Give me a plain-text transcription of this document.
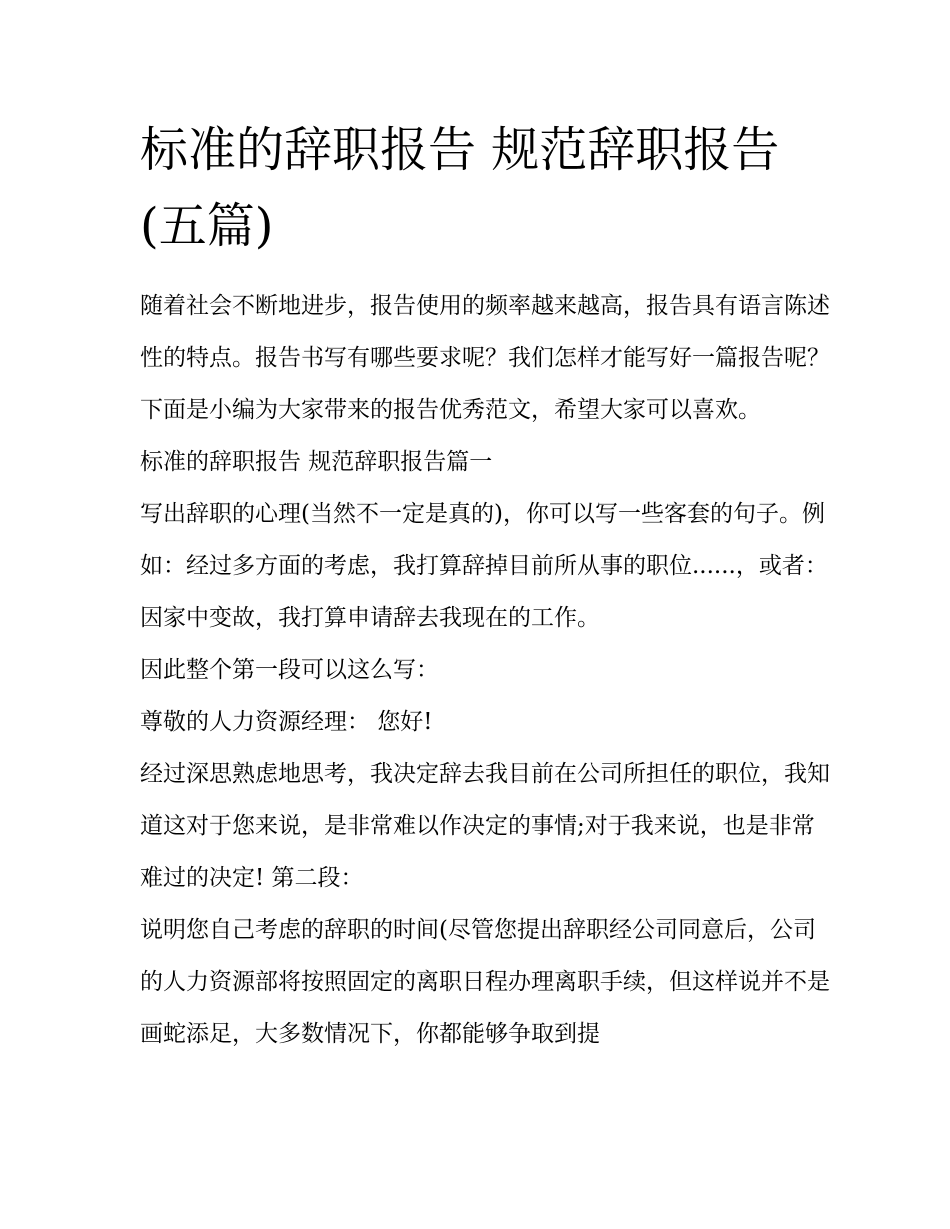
标准的辞职报告 规范辞职报告(五篇)

随着社会不断地进步，报告使用的频率越来越高，报告具有语言陈述性的特点。报告书写有哪些要求呢？我们怎样才能写好一篇报告呢？下面是小编为大家带来的报告优秀范文，希望大家可以喜欢。

标准的辞职报告 规范辞职报告篇一

写出辞职的心理(当然不一定是真的)，你可以写一些客套的句子。例如：经过多方面的考虑，我打算辞掉目前所从事的职位......，或者：因家中变故，我打算申请辞去我现在的工作。

因此整个第一段可以这么写：

尊敬的人力资源经理： 您好!

经过深思熟虑地思考，我决定辞去我目前在公司所担任的职位，我知道这对于您来说，是非常难以作决定的事情;对于我来说，也是非常难过的决定! 第二段：

说明您自己考虑的辞职的时间(尽管您提出辞职经公司同意后，公司的人力资源部将按照固定的离职日程办理离职手续，但这样说并不是画蛇添足，大多数情况下，你都能够争取到提
